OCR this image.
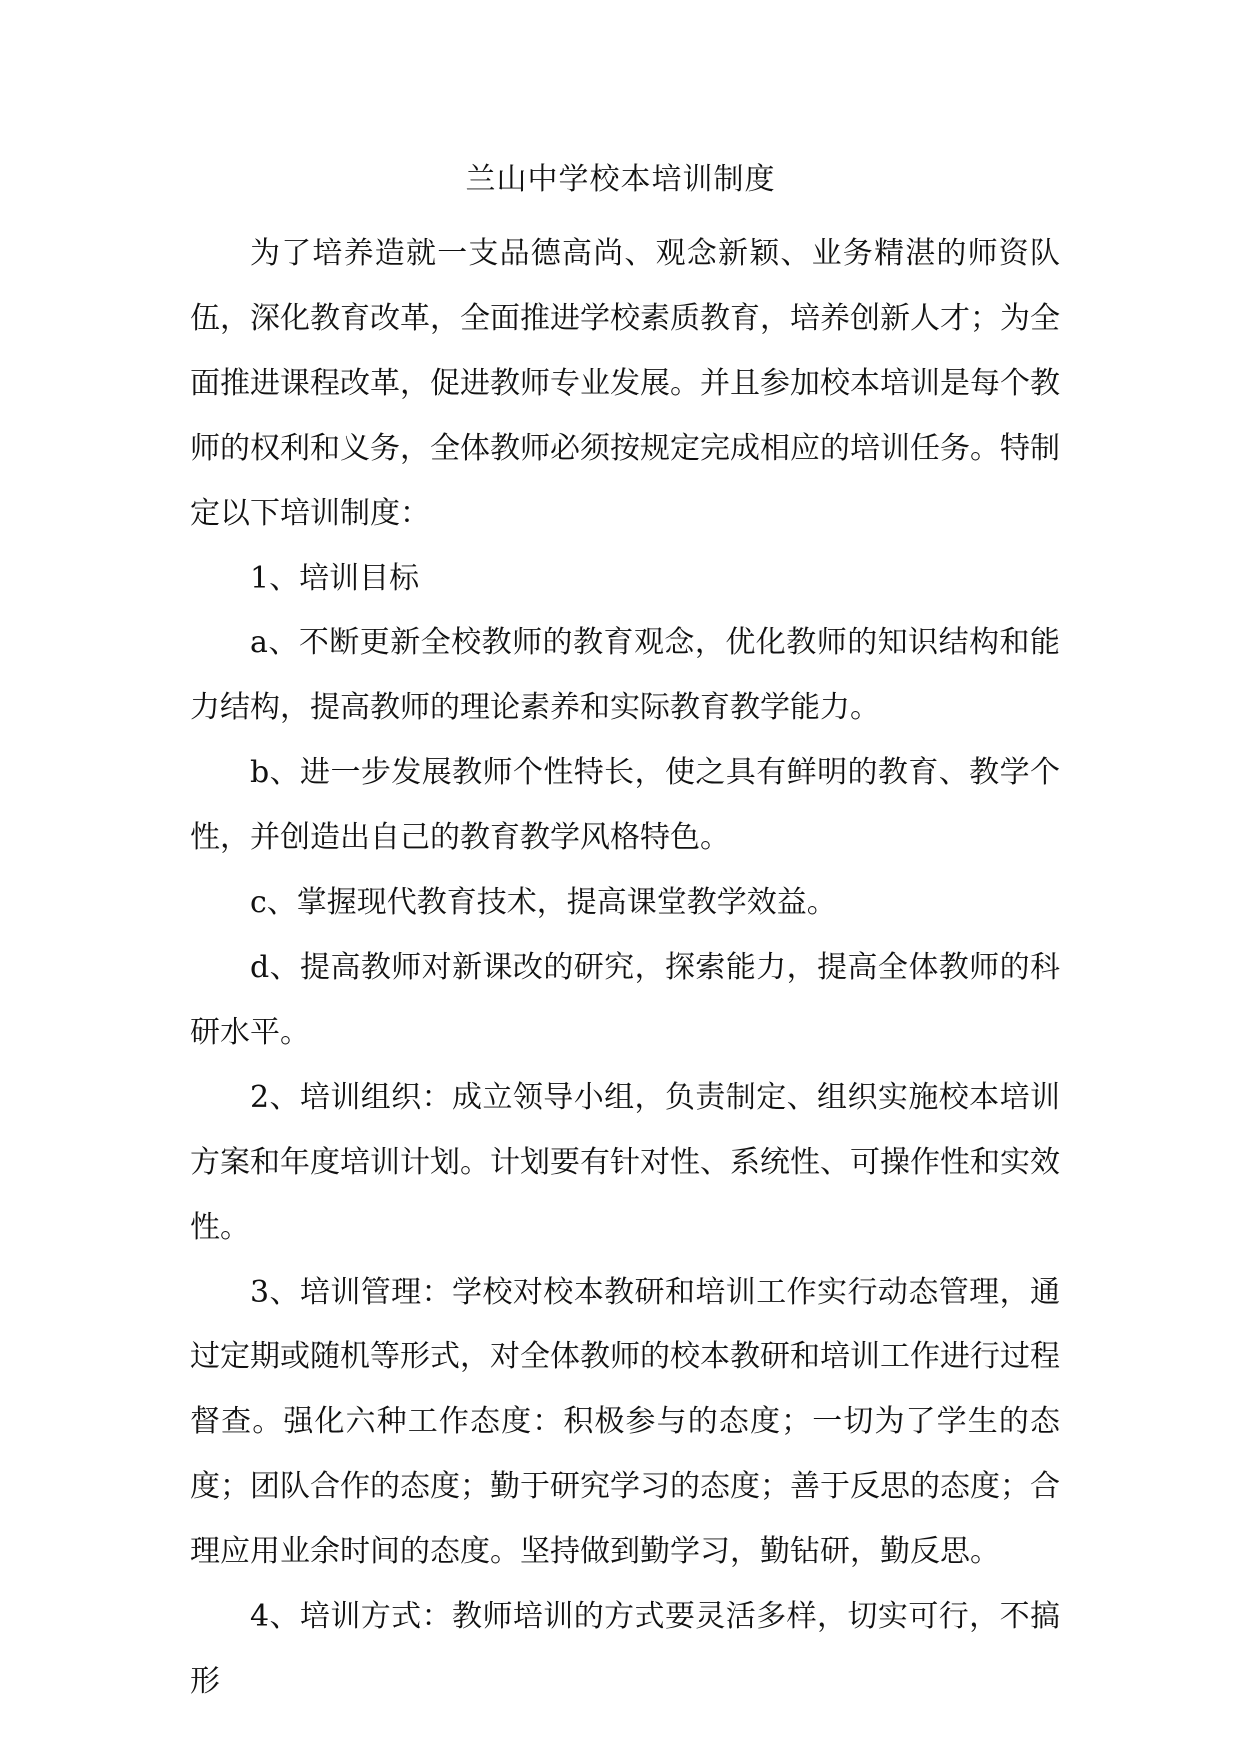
兰山中学校本培训制度

为了培养造就一支品德高尚、观念新颖、业务精湛的师资队伍，深化教育改革，全面推进学校素质教育，培养创新人才；为全面推进课程改革，促进教师专业发展。并且参加校本培训是每个教师的权利和义务，全体教师必须按规定完成相应的培训任务。特制定以下培训制度：

1、培训目标

a、不断更新全校教师的教育观念，优化教师的知识结构和能力结构，提高教师的理论素养和实际教育教学能力。

b、进一步发展教师个性特长，使之具有鲜明的教育、教学个性，并创造出自己的教育教学风格特色。

c、掌握现代教育技术，提高课堂教学效益。

d、提高教师对新课改的研究，探索能力，提高全体教师的科研水平。

2、培训组织：成立领导小组，负责制定、组织实施校本培训方案和年度培训计划。计划要有针对性、系统性、可操作性和实效性。

3、培训管理：学校对校本教研和培训工作实行动态管理，通过定期或随机等形式，对全体教师的校本教研和培训工作进行过程督查。强化六种工作态度：积极参与的态度；一切为了学生的态度；团队合作的态度；勤于研究学习的态度；善于反思的态度；合理应用业余时间的态度。坚持做到勤学习，勤钻研，勤反思。

4、培训方式：教师培训的方式要灵活多样，切实可行，不搞形
